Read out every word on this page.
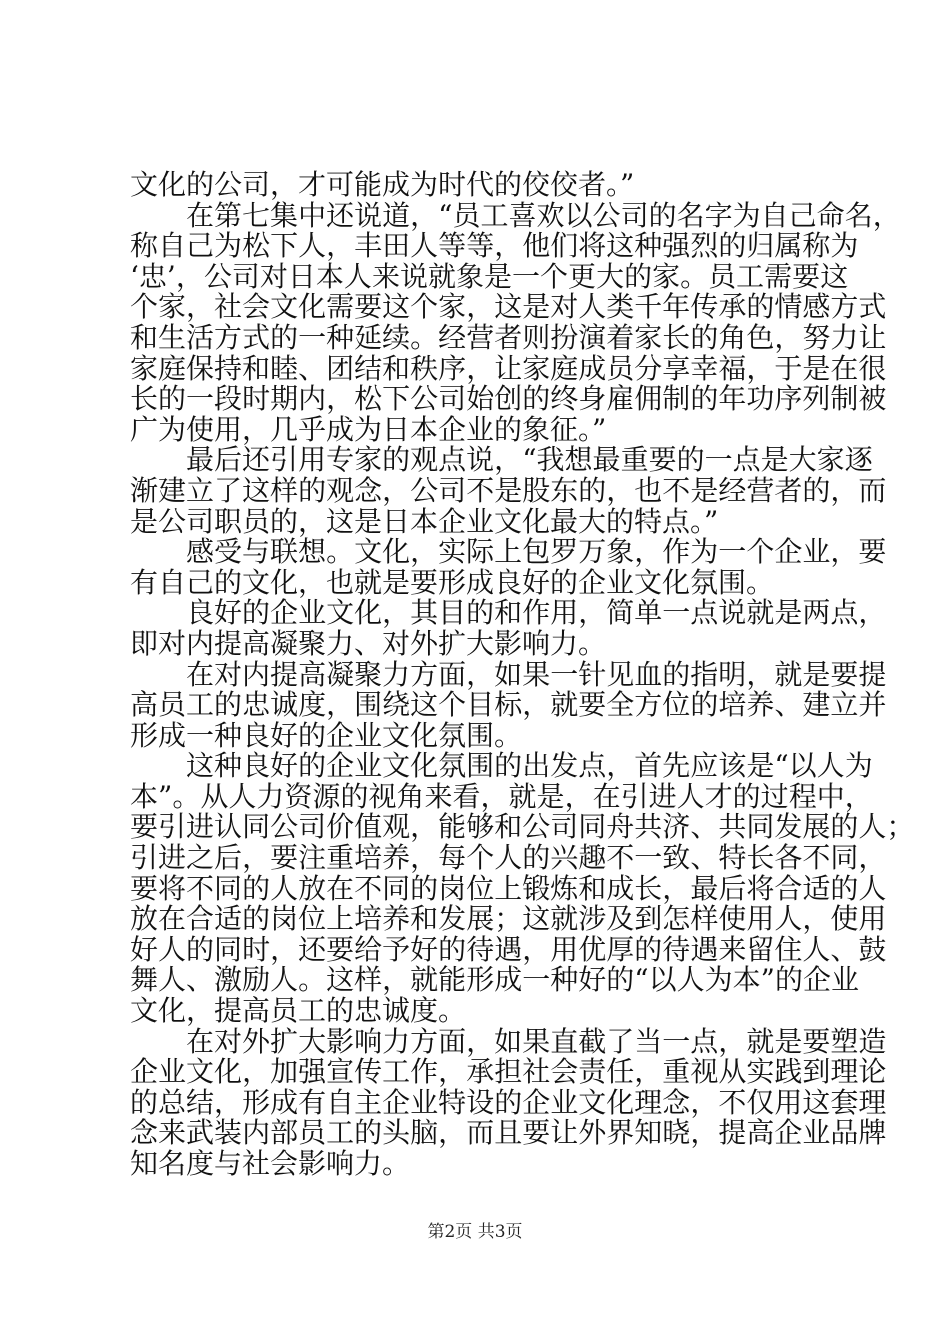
文化的公司，才可能成为时代的佼佼者。”
在 第 七 集 中 还 说 道 ， “ 员 工 喜 欢 以 公 司 的 名 字 为 自 己 命 名 ，
称 自 己 为 松 下 人 ， 丰 田 人 等 等 ， 他 们 将 这 种 强 烈 的 归 属 称 为
‘ 忠 ’ ， 公 司 对 日 本 人 来 说 就 象 是 一 个 更 大 的 家 。 员 工 需 要 这
个 家 ， 社 会 文 化 需 要 这 个 家 ， 这 是 对 人 类 千 年 传 承 的 情 感 方 式
和 生 活 方 式 的 一 种 延 续 。 经 营 者 则 扮 演 着 家 长 的 角 色 ， 努 力 让
家 庭 保 持 和 睦 、 团 结 和 秩 序 ， 让 家 庭 成 员 分 享 幸 福 ， 于 是 在 很
长 的 一 段 时 期 内 ， 松 下 公 司 始 创 的 终 身 雇 佣 制 的 年 功 序 列 制 被
广为使用，几乎成为日本企业的象征。”
最 后 还 引 用 专 家 的 观 点 说 ， “ 我 想 最 重 要 的 一 点 是 大 家 逐
渐 建 立 了 这 样 的 观 念 ， 公 司 不 是 股 东 的 ， 也 不 是 经 营 者 的 ， 而
是公司职员的，这是日本企业文化最大的特点。”
感 受 与 联 想 。 文 化 ， 实 际 上 包 罗 万 象 ， 作 为 一 个 企 业 ， 要
有自己的文化，也就是要形成良好的企业文化氛围。
良 好 的 企 业 文 化 ， 其 目 的 和 作 用 ， 简 单 一 点 说 就 是 两 点 ，
即对内提高凝聚力、对外扩大影响力。
在 对 内 提 高 凝 聚 力 方 面 ， 如 果 一 针 见 血 的 指 明 ， 就 是 要 提
高 员 工 的 忠 诚 度 ， 围 绕 这 个 目 标 ， 就 要 全 方 位 的 培 养 、 建 立 并
形成一种良好的企业文化氛围。
这 种 良 好 的 企 业 文 化 氛 围 的 出 发 点 ， 首 先 应 该 是 “ 以 人 为
本 ” 。 从 人 力 资 源 的 视 角 来 看 ， 就 是 ， 在 引 进 人 才 的 过 程 中 ，
要 引 进 认 同 公 司 价 值 观 ， 能 够 和 公 司 同 舟 共 济 、 共 同 发 展 的 人 ；
引 进 之 后 ， 要 注 重 培 养 ， 每 个 人 的 兴 趣 不 一 致 、 特 长 各 不 同 ，
要 将 不 同 的 人 放 在 不 同 的 岗 位 上 锻 炼 和 成 长 ， 最 后 将 合 适 的 人
放 在 合 适 的 岗 位 上 培 养 和 发 展 ； 这 就 涉 及 到 怎 样 使 用 人 ， 使 用
好 人 的 同 时 ， 还 要 给 予 好 的 待 遇 ， 用 优 厚 的 待 遇 来 留 住 人 、 鼓
舞 人 、 激 励 人 。 这 样 ， 就 能 形 成 一 种 好 的 “ 以 人 为 本 ” 的 企 业
文化，提高员工的忠诚度。
在 对 外 扩 大 影 响 力 方 面 ， 如 果 直 截 了 当 一 点 ， 就 是 要 塑 造
企 业 文 化 ， 加 强 宣 传 工 作 ， 承 担 社 会 责 任 ， 重 视 从 实 践 到 理 论
的 总 结 ， 形 成 有 自 主 企 业 特 设 的 企 业 文 化 理 念 ， 不 仅 用 这 套 理
念 来 武 装 内 部 员 工 的 头 脑 ， 而 且 要 让 外 界 知 晓 ， 提 高 企 业 品 牌
知名度与社会影响力。
第2页 共3页
